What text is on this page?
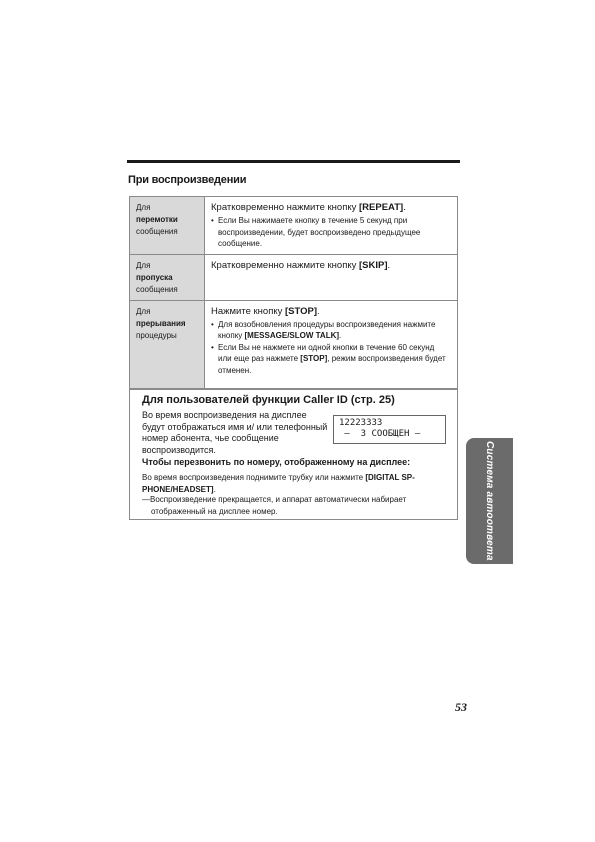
При воспроизведении
Для
перемотки
сообщения
Кратковременно нажмите кнопку [REPEAT].
• Если Вы нажимаете кнопку в течение 5 секунд при воспроизведении, будет воспроизведено предыдущее сообщение.
Для
пропуска
сообщения
Кратковременно нажмите кнопку [SKIP].
Для
прерывания
процедуры
Нажмите кнопку [STOP].
• Для возобновления процедуры воспроизведения нажмите кнопку [MESSAGE/SLOW TALK].
• Если Вы не нажмете ни одной кнопки в течение 60 секунд или еще раз нажмете [STOP], режим воспроизведения будет отменен.
Для пользователей функции Caller ID (стр. 25)
Во время воспроизведения на дисплее будут отображаться имя и/ или телефонный номер абонента, чье сообщение воспроизводится.
12223333
–  3 СООБЩЕН –
Чтобы перезвонить по номеру, отображенному на дисплее:
Во время воспроизведения поднимите трубку или нажмите [DIGITAL SP-PHONE/HEADSET].
—Воспроизведение прекращается, и аппарат автоматически набирает отображенный на дисплее номер.	Система автоответа
53
